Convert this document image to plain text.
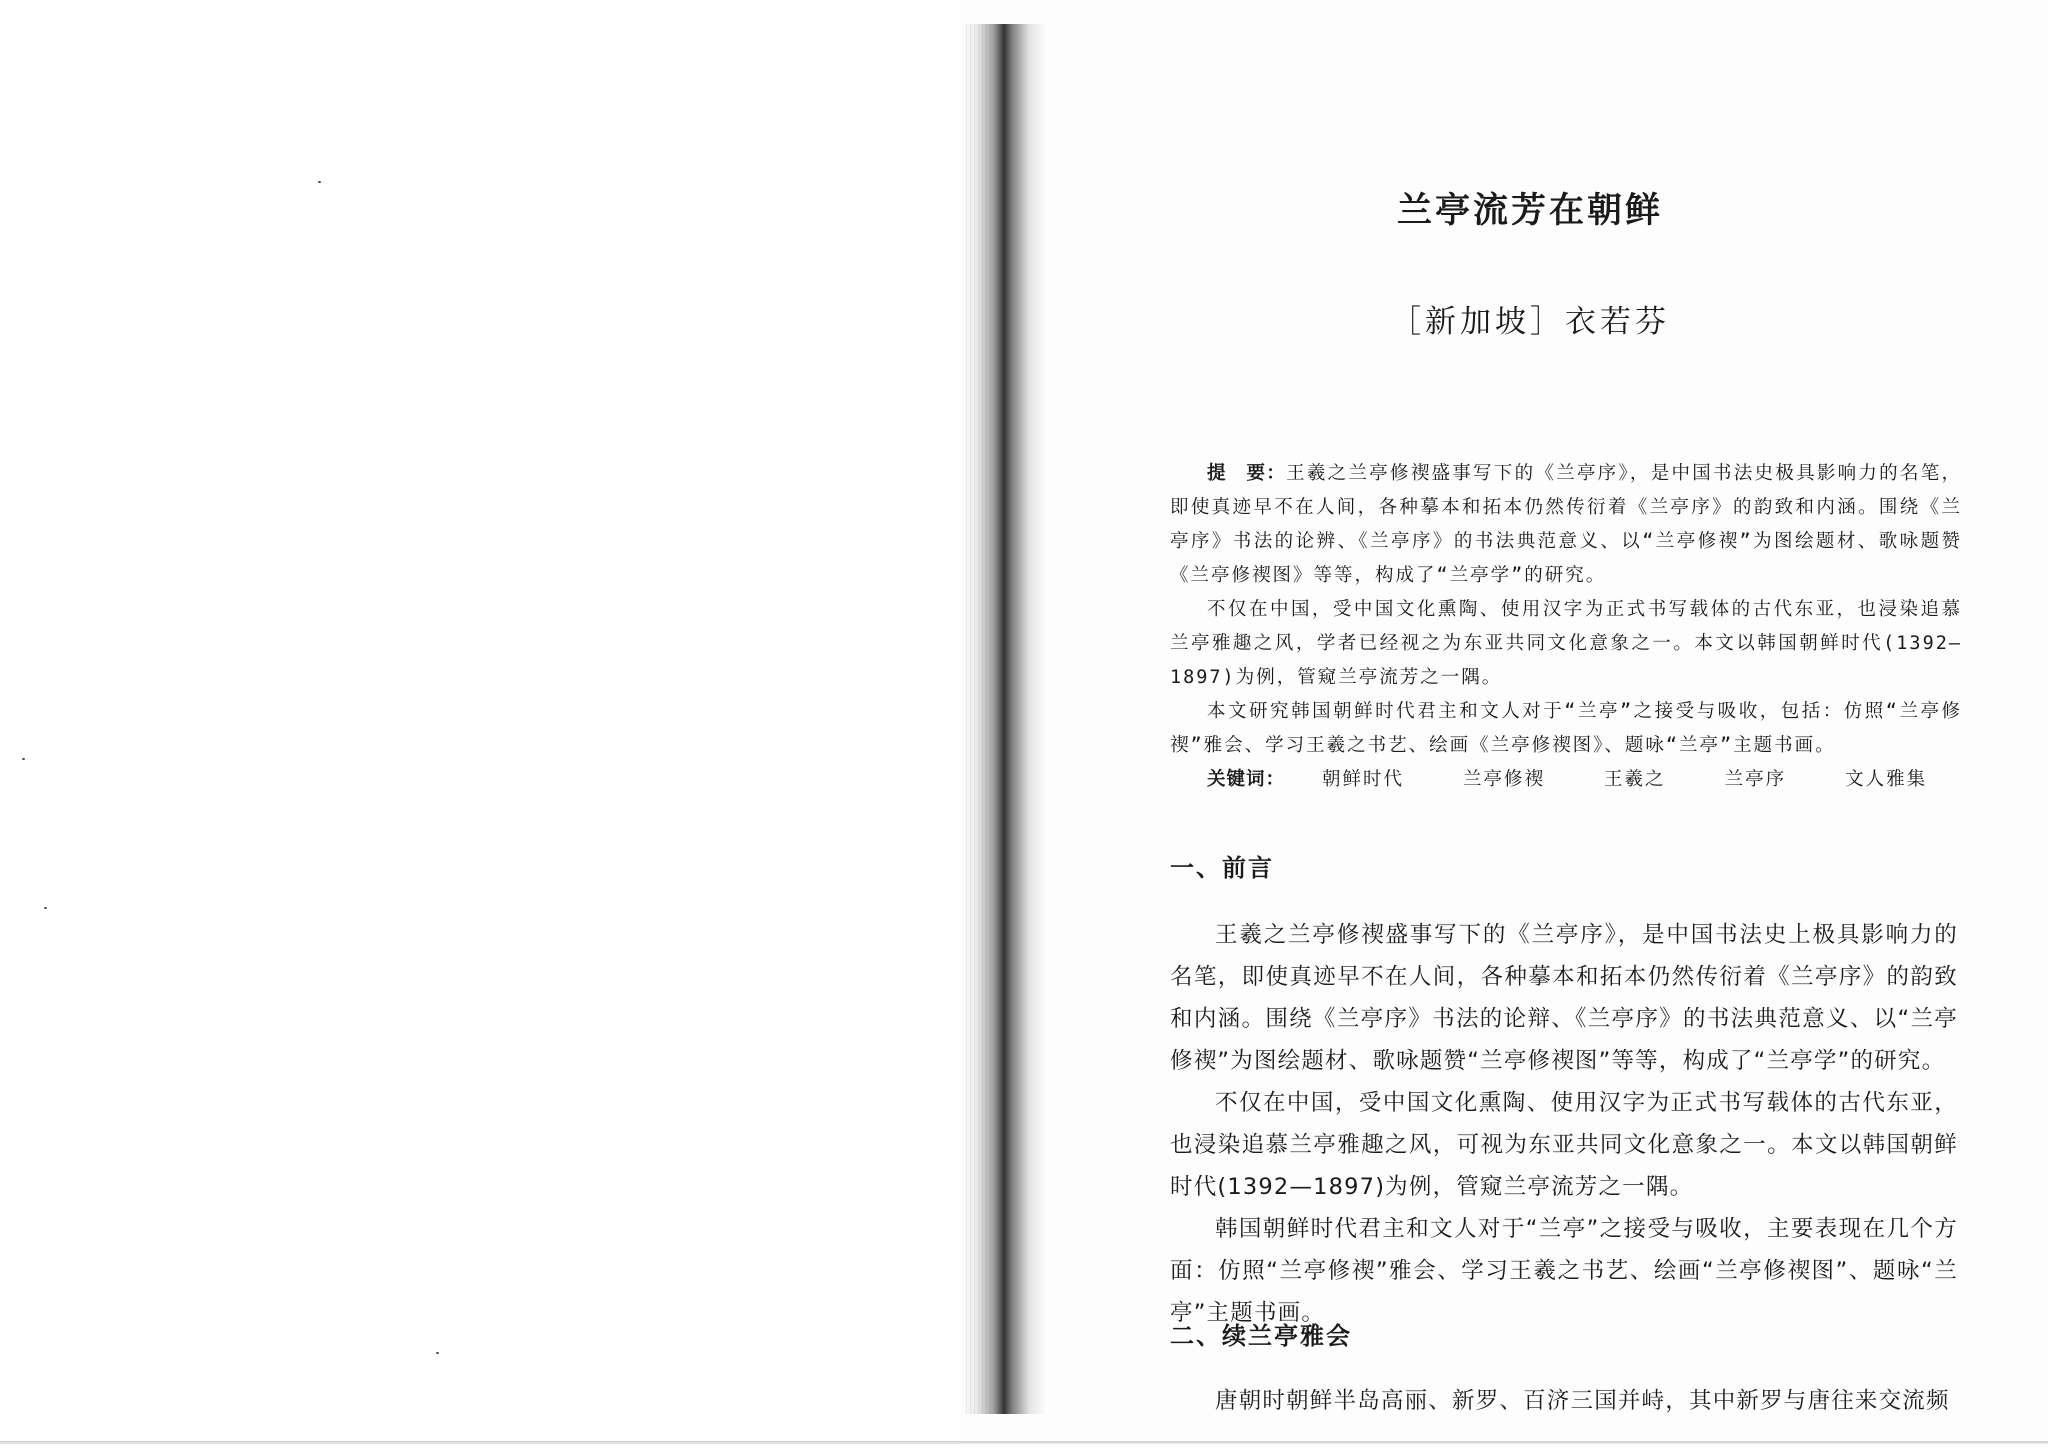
兰亭流芳在朝鲜
［新加坡］衣若芬

提　要：王羲之兰亭修禊盛事写下的《兰亭序》，是中国书法史极具影响力的名笔，即使真迹早不在人间，各种摹本和拓本仍然传衍着《兰亭序》的韵致和内涵。围绕《兰亭序》书法的论辨、《兰亭序》的书法典范意义、以“兰亭修禊”为图绘题材、歌咏题赞《兰亭修禊图》等等，构成了“兰亭学”的研究。

不仅在中国，受中国文化熏陶、使用汉字为正式书写载体的古代东亚，也浸染追慕兰亭雅趣之风，学者已经视之为东亚共同文化意象之一。本文以韩国朝鲜时代(1392—1897)为例，管窥兰亭流芳之一隅。

本文研究韩国朝鲜时代君主和文人对于“兰亭”之接受与吸收，包括：仿照“兰亭修禊”雅会、学习王羲之书艺、绘画《兰亭修禊图》、题咏“兰亭”主题书画。

关键词： 朝鲜时代	兰亭修禊	王羲之	兰亭序	文人雅集

一、前言

王羲之兰亭修禊盛事写下的《兰亭序》，是中国书法史上极具影响力的名笔，即使真迹早不在人间，各种摹本和拓本仍然传衍着《兰亭序》的韵致和内涵。围绕《兰亭序》书法的论辩、《兰亭序》的书法典范意义、以“兰亭修禊”为图绘题材、歌咏题赞“兰亭修禊图”等等，构成了“兰亭学”的研究。

不仅在中国，受中国文化熏陶、使用汉字为正式书写载体的古代东亚，也浸染追慕兰亭雅趣之风，可视为东亚共同文化意象之一。本文以韩国朝鲜时代(1392—1897)为例，管窥兰亭流芳之一隅。

韩国朝鲜时代君主和文人对于“兰亭”之接受与吸收，主要表现在几个方面：仿照“兰亭修禊”雅会、学习王羲之书艺、绘画“兰亭修禊图”、题咏“兰亭”主题书画。

二、续兰亭雅会

唐朝时朝鲜半岛高丽、新罗、百济三国并峙，其中新罗与唐往来交流频
